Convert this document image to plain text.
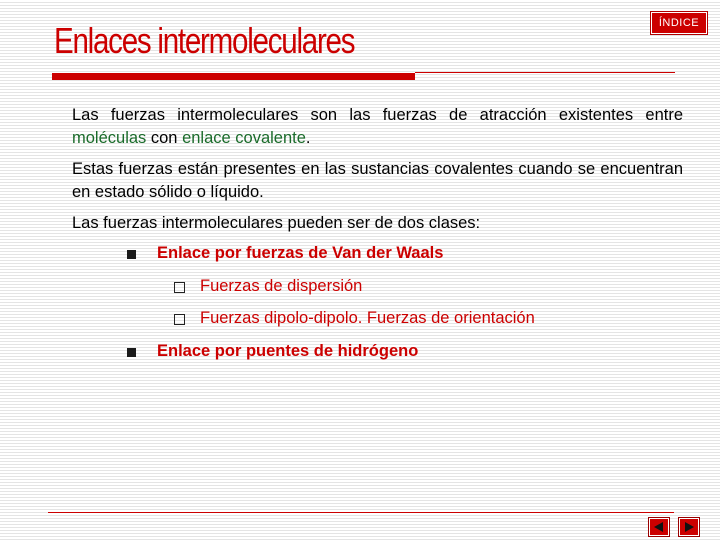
Enlaces intermoleculares	ÍNDICE

Las fuerzas intermoleculares son las fuerzas de atracción existentes entre moléculas con enlace covalente.

Estas fuerzas están presentes en las sustancias covalentes cuando se encuentran en estado sólido o líquido.

Las fuerzas intermoleculares pueden ser de dos clases:

Enlace por fuerzas de Van der Waals
Fuerzas de dispersión
Fuerzas dipolo-dipolo. Fuerzas de orientación
Enlace por puentes de hidrógeno
